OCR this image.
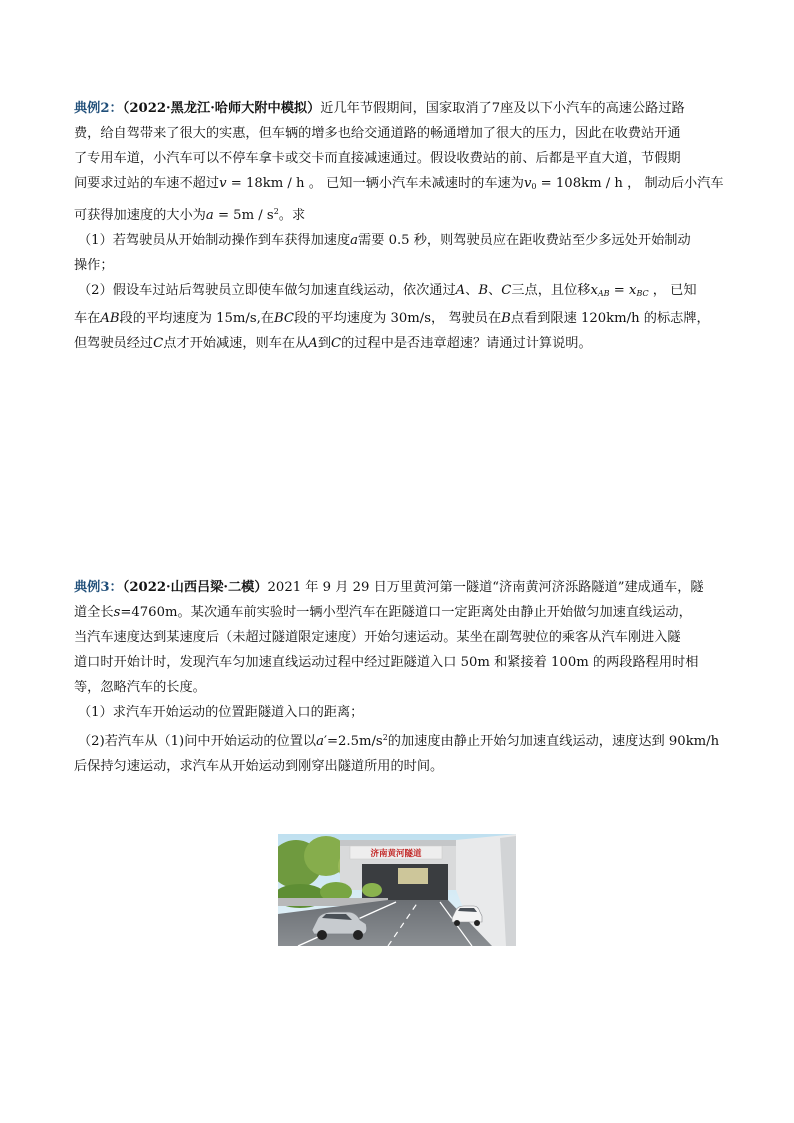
典例2：（2022·黑龙江·哈师大附中模拟）近几年节假期间，国家取消了7座及以下小汽车的高速公路过路
费，给自驾带来了很大的实惠，但车辆的增多也给交通道路的畅通增加了很大的压力，因此在收费站开通
了专用车道，小汽车可以不停车拿卡或交卡而直接减速通过。假设收费站的前、后都是平直大道，节假期
间要求过站的车速不超过v = 18km / h 。 已知一辆小汽车未减速时的车速为$v_0 = 108km / h$ ， 制动后小汽车
可获得加速度的大小为$a = 5m / s^2$。求
（1）若驾驶员从开始制动操作到车获得加速度a需要 0.5 秒，则驾驶员应在距收费站至少多远处开始制动
操作；
（2）假设车过站后驾驶员立即使车做匀加速直线运动，依次通过A、B、C三点，且位移$x_{AB} = x_{BC}$ ， 已知
车在AB段的平均速度为 15m/s,在BC段的平均速度为 30m/s， 驾驶员在B点看到限速 120km/h 的标志牌，
但驾驶员经过C点才开始减速，则车在从A到C的过程中是否违章超速？请通过计算说明。
典例3：（2022·山西吕梁·二模）2021 年 9 月 29 日万里黄河第一隧道“济南黄河济泺路隧道”建成通车，隧
道全长s=4760m。某次通车前实验时一辆小型汽车在距隧道口一定距离处由静止开始做匀加速直线运动，
当汽车速度达到某速度后（未超过隧道限定速度）开始匀速运动。某坐在副驾驶位的乘客从汽车刚进入隧
道口时开始计时，发现汽车匀加速直线运动过程中经过距隧道入口 50m 和紧接着 100m 的两段路程用时相
等，忽略汽车的长度。
（1）求汽车开始运动的位置距隧道入口的距离；
（2)若汽车从（1)问中开始运动的位置以$a'=2.5m/s^2$的加速度由静止开始匀加速直线运动，速度达到 90km/h
后保持匀速运动，求汽车从开始运动到刚穿出隧道所用的时间。
济南黄河隧道
